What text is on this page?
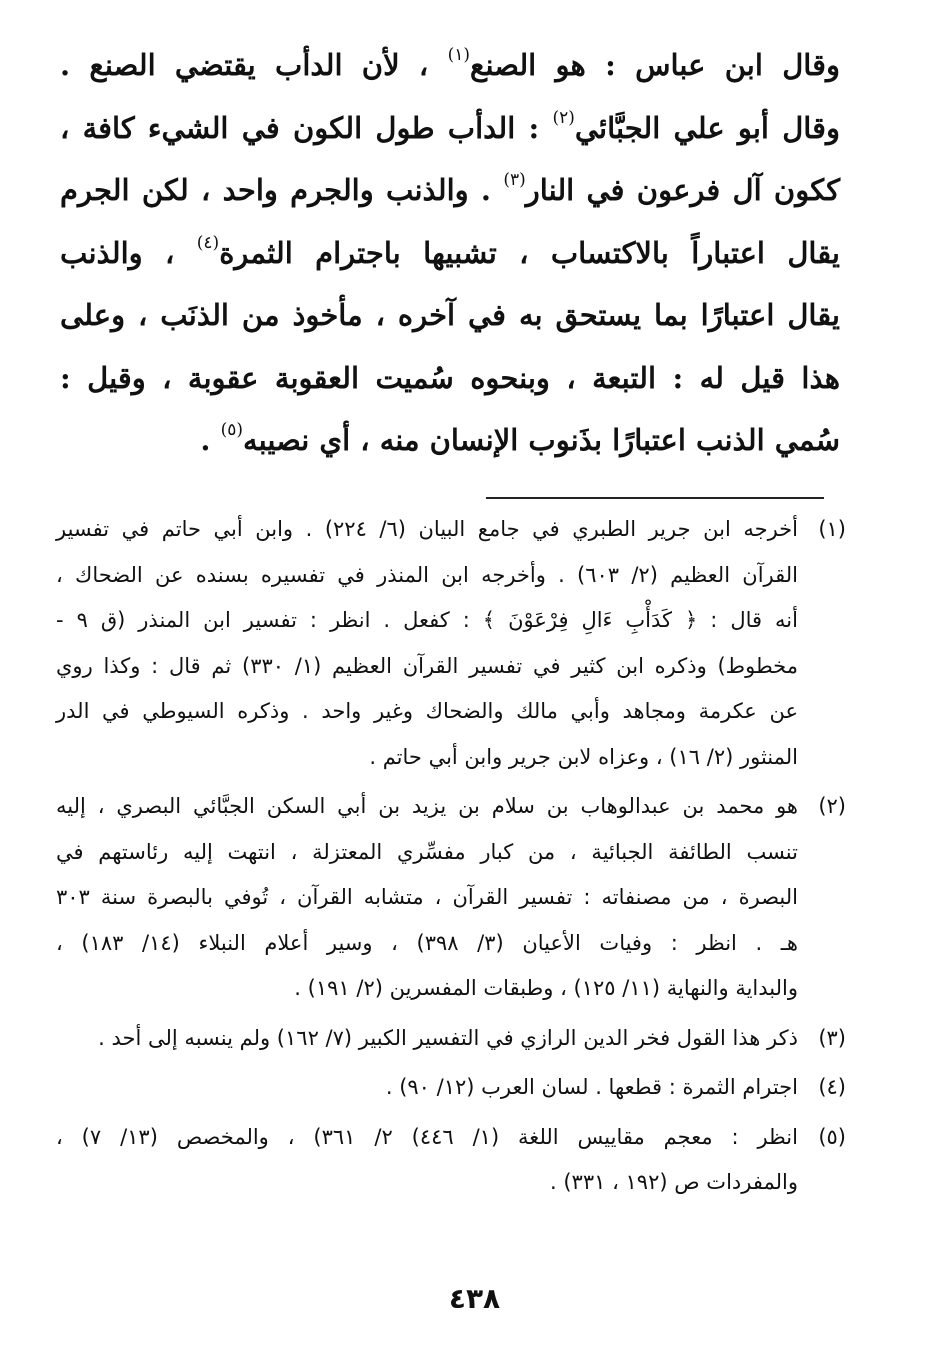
وقال ابن عباس : هو الصنع$^{(١)}$ ، لأن الدأب يقتضي الصنع .
وقال أبو علي الجبَّائي$^{(٢)}$ : الدأب طول الكون في الشيء كافة ،
ككون آل فرعون في النار$^{(٣)}$ . والذنب والجرم واحد ، لكن الجرم
يقال اعتباراً بالاكتساب ، تشبيها باجترام الثمرة$^{(٤)}$ ، والذنب
يقال اعتبارًا بما يستحق به في آخره ، مأخوذ من الذنَب ، وعلى
هذا قيل له : التبعة ، وبنحوه سُميت العقوبة عقوبة ، وقيل :
سُمي الذنب اعتبارًا بذَنوب الإنسان منه ، أي نصيبه$^{(٥)}$ .
(١)
أخرجه ابن جرير الطبري في جامع البيان (٦/ ٢٢٤) . وابن أبي حاتم في تفسير
القرآن العظيم (٢/ ٦٠٣) . وأخرجه ابن المنذر في تفسيره بسنده عن الضحاك ،
أنه قال : ﴿ كَدَأْبِ ءَالِ فِرْعَوْنَ ﴾ : كفعل . انظر : تفسير ابن المنذر (ق ٩ -
مخطوط) وذكره ابن كثير في تفسير القرآن العظيم (١/ ٣٣٠) ثم قال : وكذا روي
عن عكرمة ومجاهد وأبي مالك والضحاك وغير واحد . وذكره السيوطي في الدر
المنثور (٢/ ١٦) ، وعزاه لابن جرير وابن أبي حاتم .
(٢)
هو محمد بن عبدالوهاب بن سلام بن يزيد بن أبي السكن الجبَّائي البصري ، إليه
تنسب الطائفة الجبائية ، من كبار مفسِّري المعتزلة ، انتهت إليه رئاستهم في
البصرة ، من مصنفاته : تفسير القرآن ، متشابه القرآن ، تُوفي بالبصرة سنة ٣٠٣
هـ . انظر : وفيات الأعيان (٣/ ٣٩٨) ، وسير أعلام النبلاء (١٤/ ١٨٣) ،
والبداية والنهاية (١١/ ١٢٥) ، وطبقات المفسرين (٢/ ١٩١) .
(٣)
ذكر هذا القول فخر الدين الرازي في التفسير الكبير (٧/ ١٦٢) ولم ينسبه إلى أحد .
(٤)
اجترام الثمرة : قطعها . لسان العرب (١٢/ ٩٠) .
(٥)
انظر : معجم مقاييس اللغة (١/ ٤٤٦) ٢/ ٣٦١) ، والمخصص (١٣/ ٧) ،
والمفردات ص (١٩٢ ، ٣٣١) .
٤٣٨
